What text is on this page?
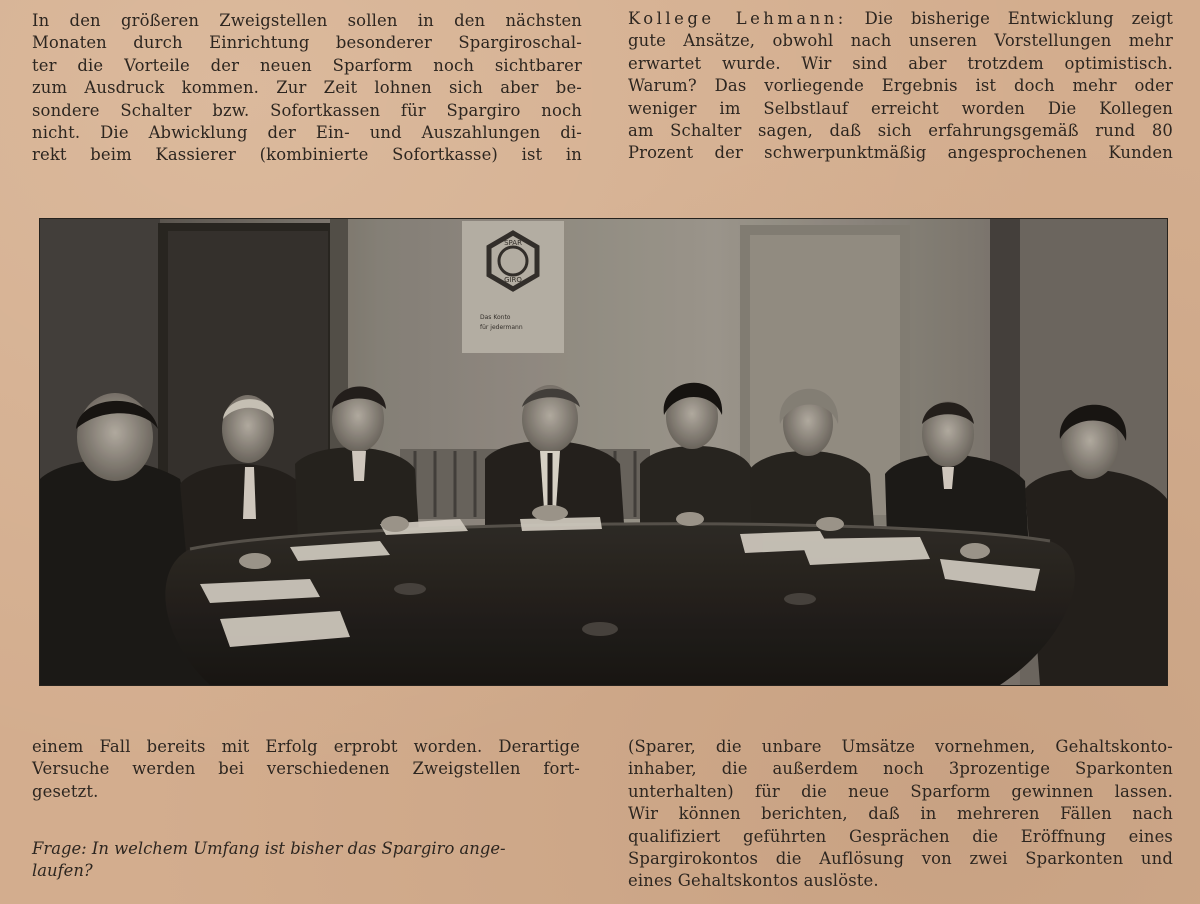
In den größeren Zweigstellen sollen in den nächsten
Monaten durch Einrichtung besonderer Spargiroschal-
ter die Vorteile der neuen Sparform noch sichtbarer
zum Ausdruck kommen. Zur Zeit lohnen sich aber be-
sondere Schalter bzw. Sofortkassen für Spargiro noch
nicht. Die Abwicklung der Ein- und Auszahlungen di-
rekt beim Kassierer (kombinierte Sofortkasse) ist in
Kollege Lehmann: Die bisherige Entwicklung zeigt
gute Ansätze, obwohl nach unseren Vorstellungen mehr
erwartet wurde. Wir sind aber trotzdem optimistisch.
Warum? Das vorliegende Ergebnis ist doch mehr oder
weniger im Selbstlauf erreicht worden Die Kollegen
am Schalter sagen, daß sich erfahrungsgemäß rund 80
Prozent der schwerpunktmäßig angesprochenen Kunden
SPAR
GIRO
Das Konto
für jedermann
einem Fall bereits mit Erfolg erprobt worden. Derartige
Versuche werden bei verschiedenen Zweigstellen fort-
gesetzt.
Frage: In welchem Umfang ist bisher das Spargiro ange-
laufen?
(Sparer, die unbare Umsätze vornehmen, Gehaltskonto-
inhaber, die außerdem noch 3prozentige Sparkonten
unterhalten) für die neue Sparform gewinnen lassen.
Wir können berichten, daß in mehreren Fällen nach
qualifiziert geführten Gesprächen die Eröffnung eines
Spargirokontos die Auflösung von zwei Sparkonten und
eines Gehaltskontos auslöste.
